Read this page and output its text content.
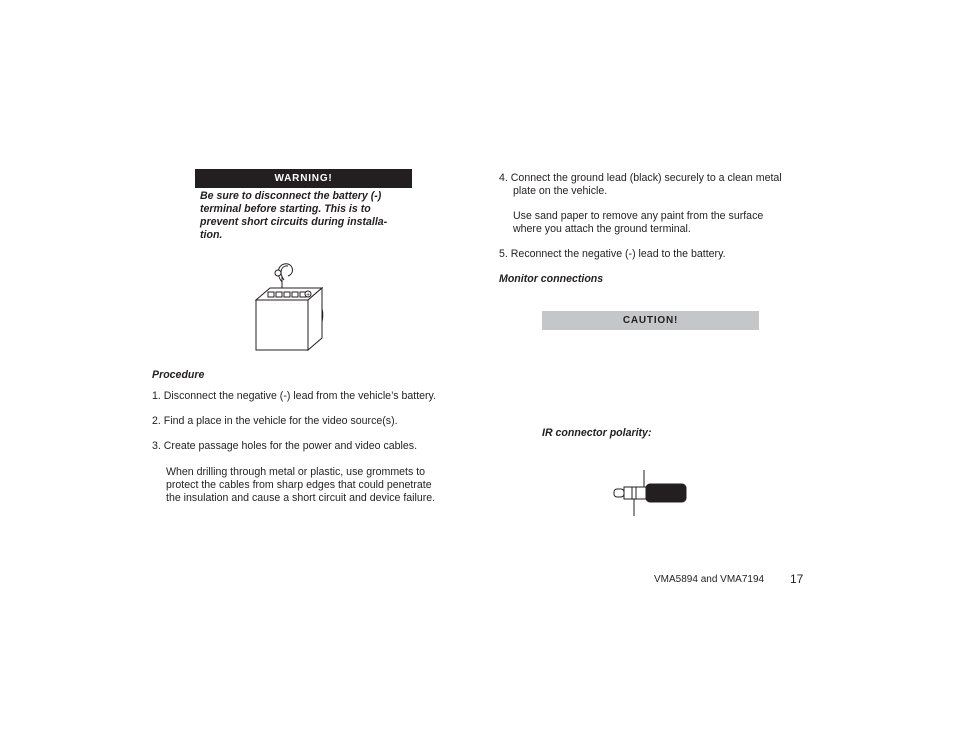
WARNING!
Be sure to disconnect the battery (-)
terminal before starting. This is to
prevent short circuits during installa-
tion.
+
Procedure
1. Disconnect the negative (-) lead from the vehicle’s battery.
2. Find a place in the vehicle for the video source(s).
3. Create passage holes for the power and video cables.
When drilling through metal or plastic, use grommets to
protect the cables from sharp edges that could penetrate
the insulation and cause a short circuit and device failure.
4. Connect the ground lead (black) securely to a clean metal
plate on the vehicle.
Use sand paper to remove any paint from the surface
where you attach the ground terminal.
5. Reconnect the negative (-) lead to the battery.
Monitor connections
CAUTION!
IR connector polarity:
VMA5894 and VMA7194 17
